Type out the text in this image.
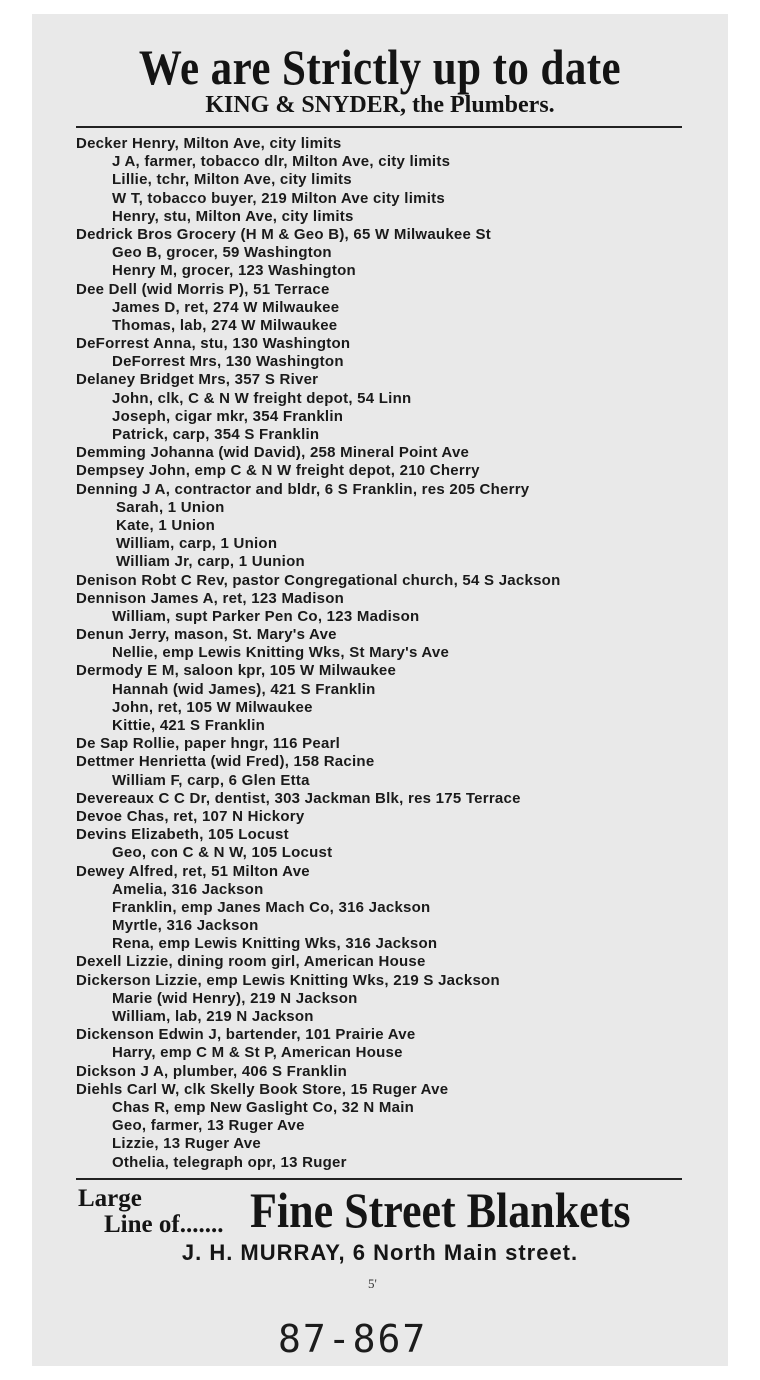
We are Strictly up to date
KING & SNYDER, the Plumbers.
Decker Henry, Milton Ave, city limits
J A, farmer, tobacco dlr, Milton Ave, city limits
Lillie, tchr, Milton Ave, city limits
W T, tobacco buyer, 219 Milton Ave city limits
Henry, stu, Milton Ave, city limits
Dedrick Bros Grocery (H M & Geo B), 65 W Milwaukee St
Geo B, grocer, 59 Washington
Henry M, grocer, 123 Washington
Dee Dell (wid Morris P), 51 Terrace
James D, ret, 274 W Milwaukee
Thomas, lab, 274 W Milwaukee
DeForrest Anna, stu, 130 Washington
DeForrest Mrs, 130 Washington
Delaney Bridget Mrs, 357 S River
John, clk, C & N W freight depot, 54 Linn
Joseph, cigar mkr, 354 Franklin
Patrick, carp, 354 S Franklin
Demming Johanna (wid David), 258 Mineral Point Ave
Dempsey John, emp C & N W freight depot, 210 Cherry
Denning J A, contractor and bldr, 6 S Franklin, res 205 Cherry
Sarah, 1 Union
Kate, 1 Union
William, carp, 1 Union
William Jr, carp, 1 Uunion
Denison Robt C Rev, pastor Congregational church, 54 S Jackson
Dennison James A, ret, 123 Madison
William, supt Parker Pen Co, 123 Madison
Denun Jerry, mason, St. Mary's Ave
Nellie, emp Lewis Knitting Wks, St Mary's Ave
Dermody E M, saloon kpr, 105 W Milwaukee
Hannah (wid James), 421 S Franklin
John, ret, 105 W Milwaukee
Kittie, 421 S Franklin
De Sap Rollie, paper hngr, 116 Pearl
Dettmer Henrietta (wid Fred), 158 Racine
William F, carp, 6 Glen Etta
Devereaux C C Dr, dentist, 303 Jackman Blk, res 175 Terrace
Devoe Chas, ret, 107 N Hickory
Devins Elizabeth, 105 Locust
Geo, con C & N W, 105 Locust
Dewey Alfred, ret, 51 Milton Ave
Amelia, 316 Jackson
Franklin, emp Janes Mach Co, 316 Jackson
Myrtle, 316 Jackson
Rena, emp Lewis Knitting Wks, 316 Jackson
Dexell Lizzie, dining room girl, American House
Dickerson Lizzie, emp Lewis Knitting Wks, 219 S Jackson
Marie (wid Henry), 219 N Jackson
William, lab, 219 N Jackson
Dickenson Edwin J, bartender, 101 Prairie Ave
Harry, emp C M & St P, American House
Dickson J A, plumber, 406 S Franklin
Diehls Carl W, clk Skelly Book Store, 15 Ruger Ave
Chas R, emp New Gaslight Co, 32 N Main
Geo, farmer, 13 Ruger Ave
Lizzie, 13 Ruger Ave
Othelia, telegraph opr, 13 Ruger
Large
Line of....... Fine Street Blankets
J. H. MURRAY, 6 North Main street.
5'
87-867
